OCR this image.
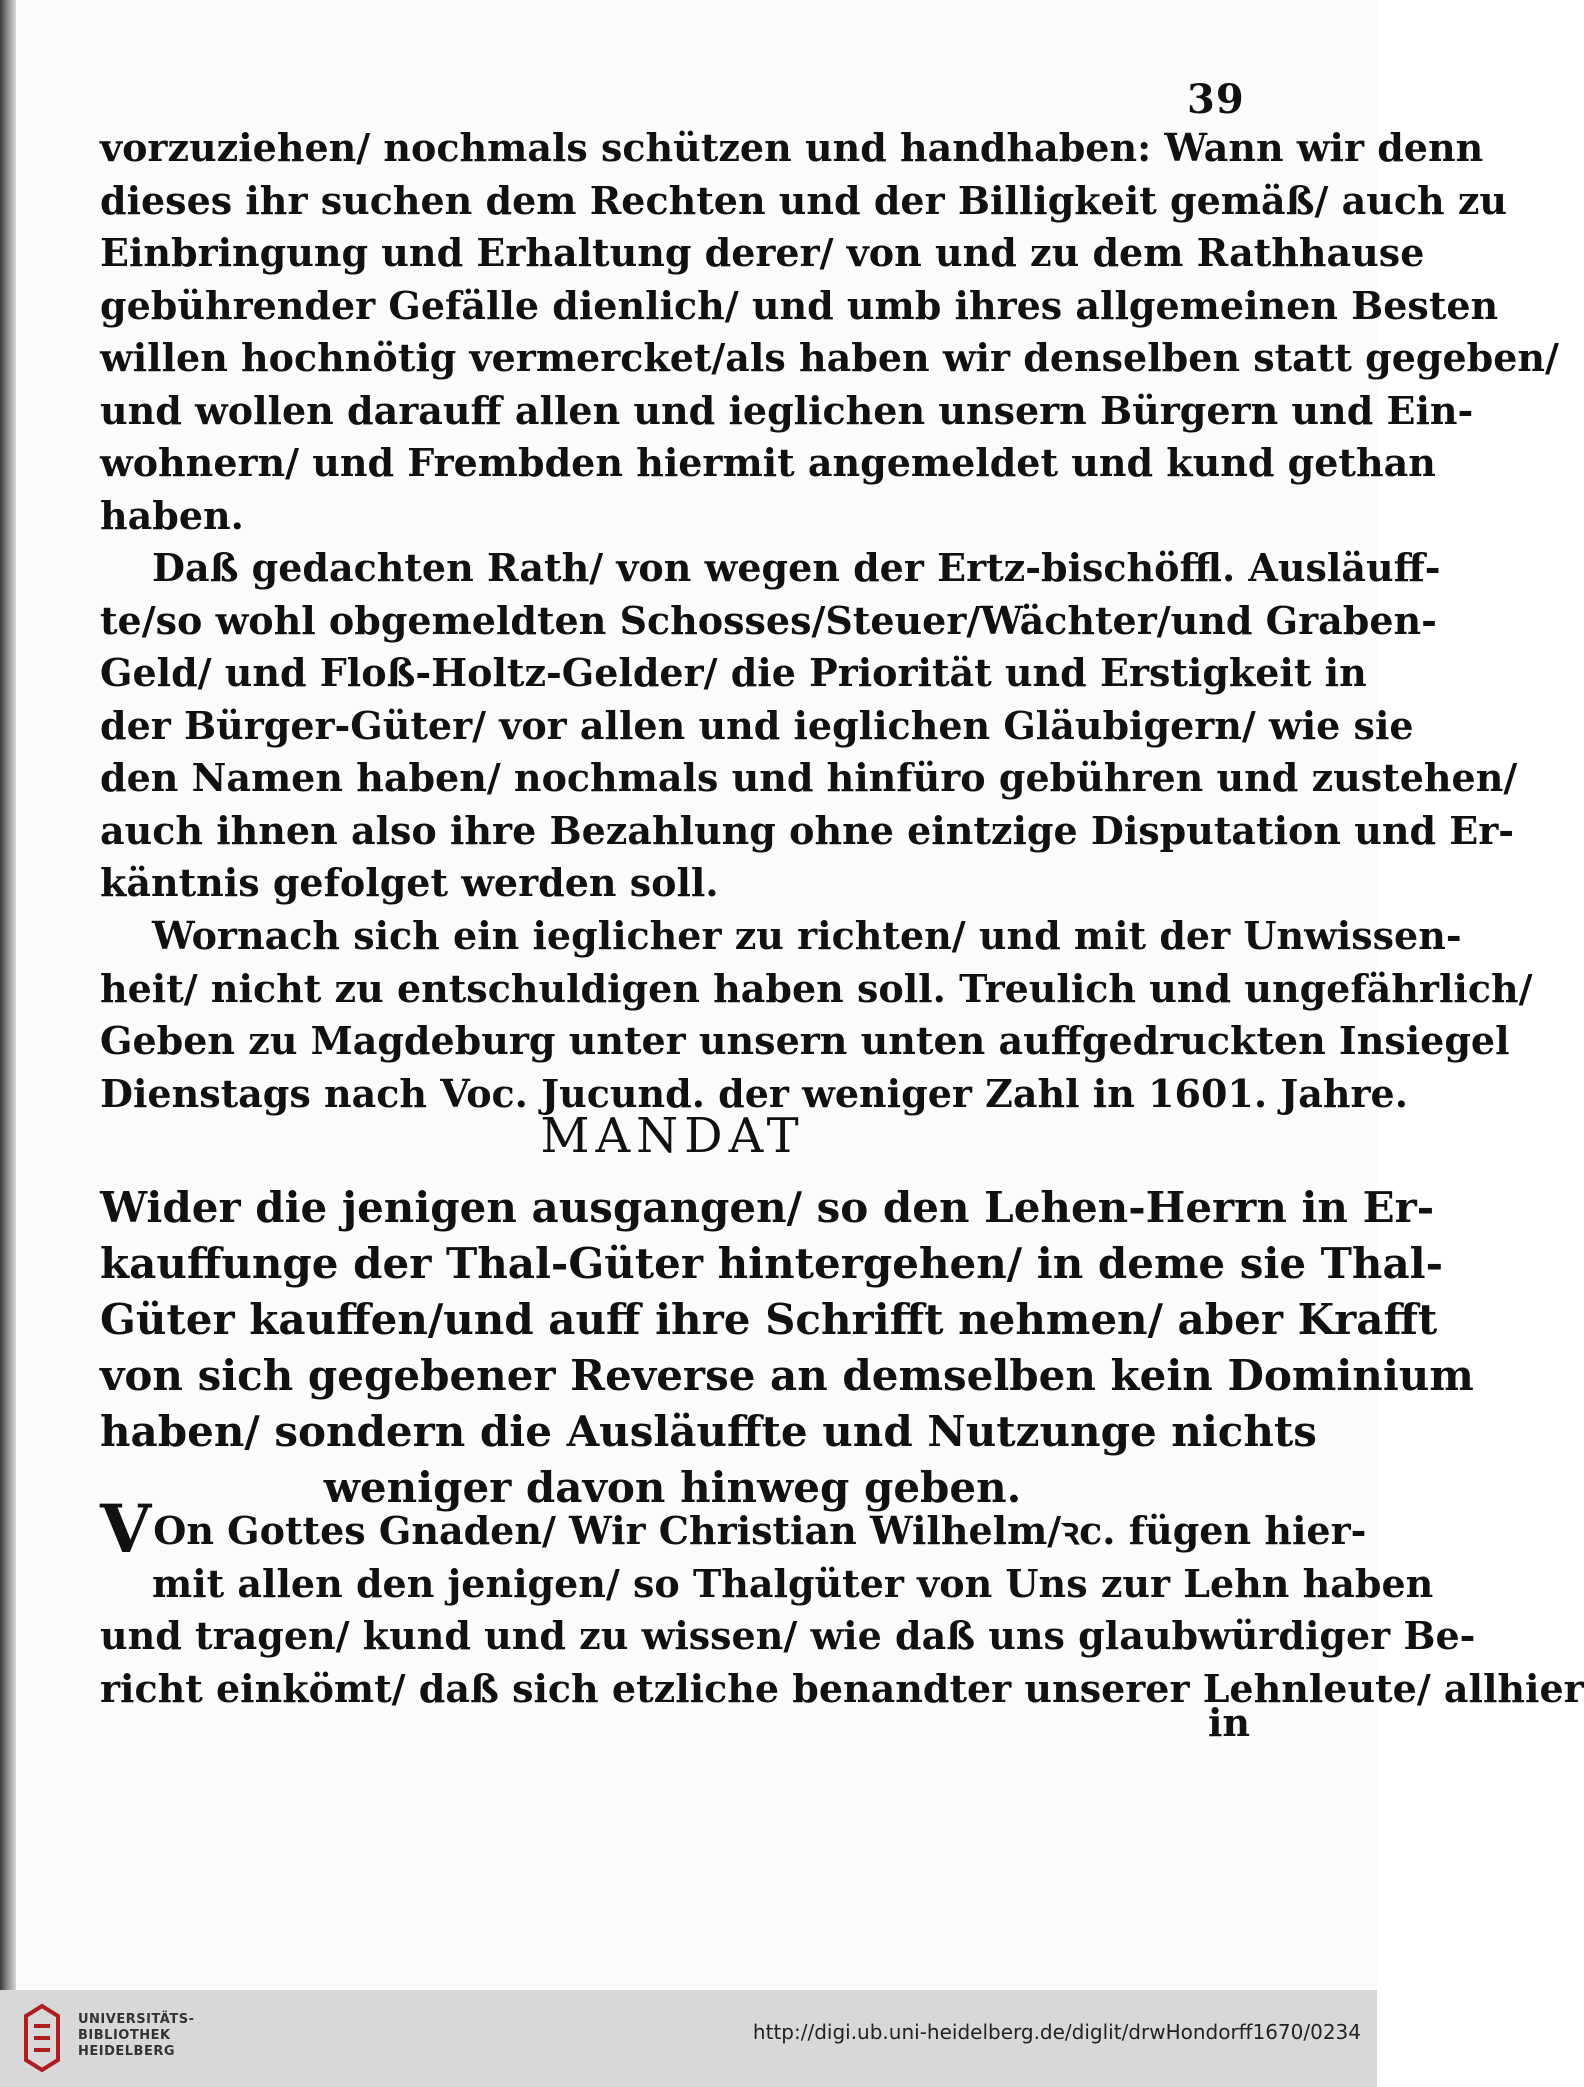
39
vorzuziehen/ nochmals schützen und handhaben: Wann wir denn
dieses ihr suchen dem Rechten und der Billigkeit gemäß/ auch zu
Einbringung und Erhaltung derer/ von und zu dem Rathhause
gebührender Gefälle dienlich/ und umb ihres allgemeinen Besten
willen hochnötig vermercket/als haben wir denselben statt gegeben/
und wollen darauff allen und ieglichen unsern Bürgern und Ein-
wohnern/ und Frembden hiermit angemeldet und kund gethan
haben.
Daß gedachten Rath/ von wegen der Ertz-bischöffl. Ausläuff-
te/so wohl obgemeldten Schosses/Steuer/Wächter/und Graben-
Geld/ und Floß-Holtz-Gelder/ die Priorität und Erstigkeit in
der Bürger-Güter/ vor allen und ieglichen Gläubigern/ wie sie
den Namen haben/ nochmals und hinfüro gebühren und zustehen/
auch ihnen also ihre Bezahlung ohne eintzige Disputation und Er-
käntnis gefolget werden soll.
Wornach sich ein ieglicher zu richten/ und mit der Unwissen-
heit/ nicht zu entschuldigen haben soll. Treulich und ungefährlich/
Geben zu Magdeburg unter unsern unten auffgedruckten Insiegel
Dienstags nach Voc. Jucund. der weniger Zahl in 1601. Jahre.
MANDAT
Wider die jenigen ausgangen/ so den Lehen-Herrn in Er-
kauffunge der Thal-Güter hintergehen/ in deme sie Thal-
Güter kauffen/und auff ihre Schrifft nehmen/ aber Krafft
von sich gegebener Reverse an demselben kein Dominium
haben/ sondern die Ausläuffte und Nutzunge nichts
weniger davon hinweg geben.
VOn Gottes Gnaden/ Wir Christian Wilhelm/ꝛc. fügen hier-
mit allen den jenigen/ so Thalgüter von Uns zur Lehn haben
und tragen/ kund und zu wissen/ wie daß uns glaubwürdiger Be-
richt einkömt/ daß sich etzliche benandter unserer Lehnleute/ allhier
in
UNIVERSITÄTS-
BIBLIOTHEK
HEIDELBERG
http://digi.ub.uni-heidelberg.de/diglit/drwHondorff1670/0234
